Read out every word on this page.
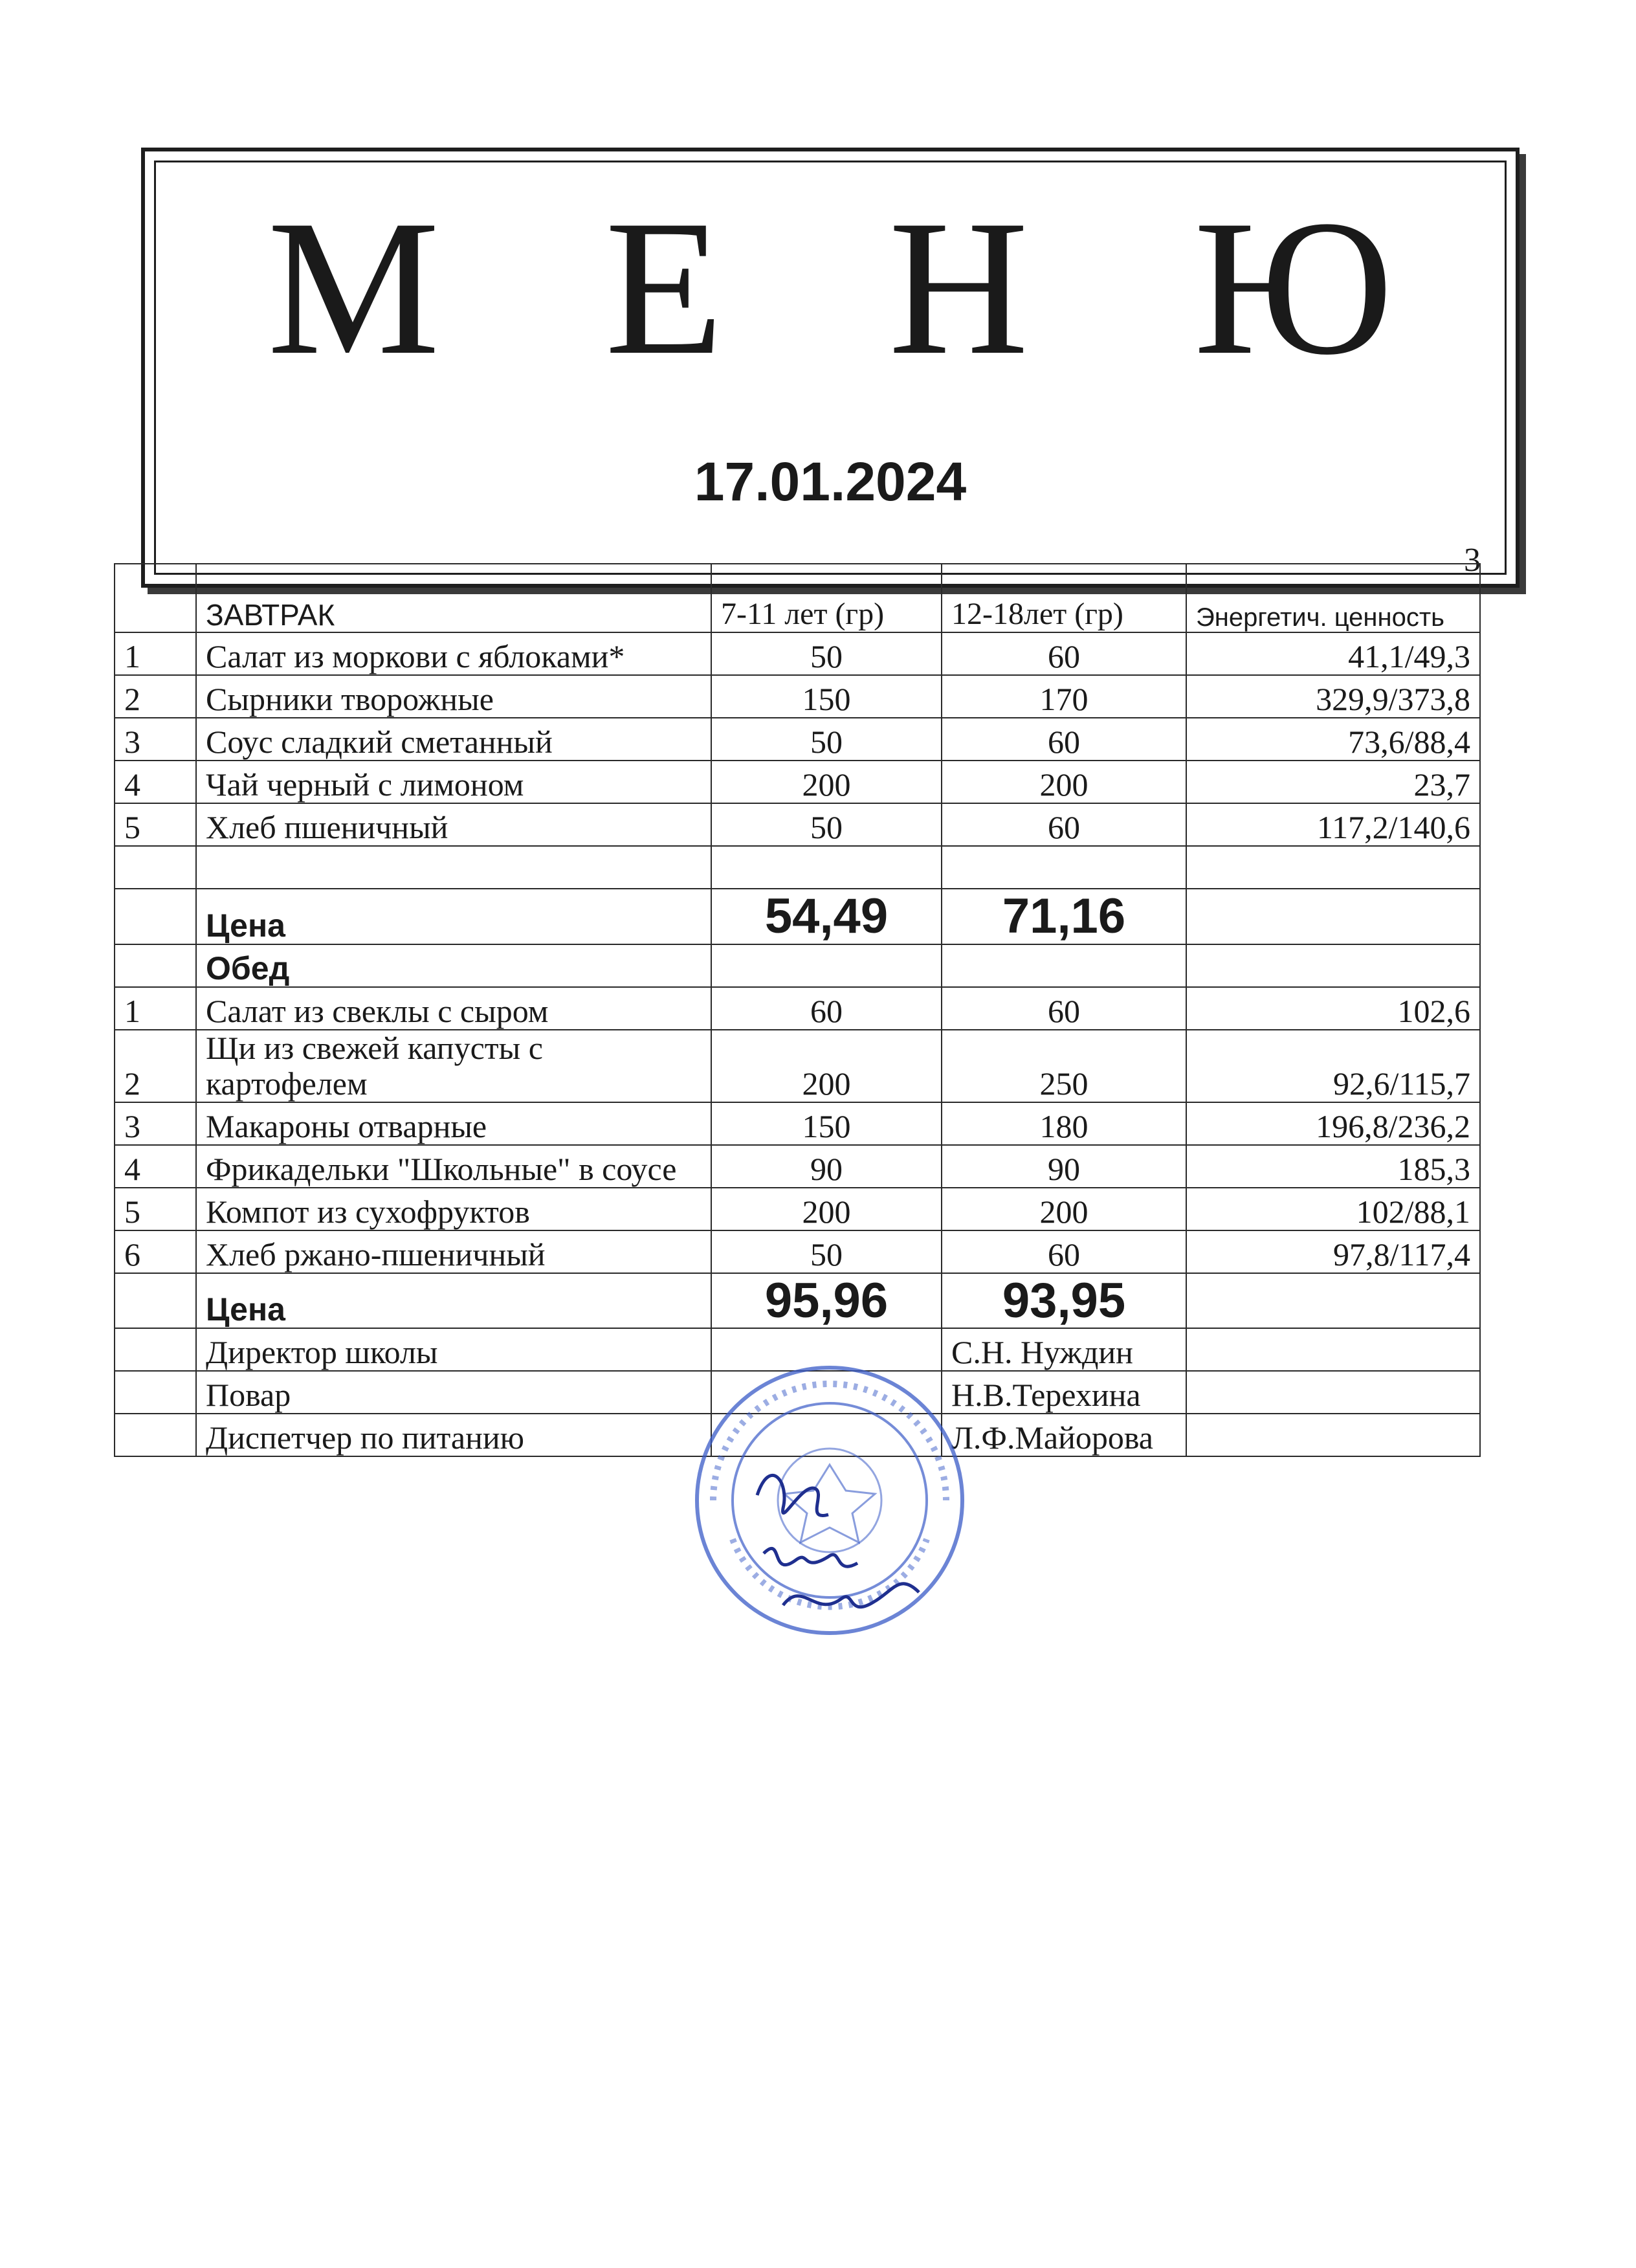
М Е Н Ю
17.01.2024
3
	ЗАВТРАК	7-11 лет (гр)	12-18лет (гр)	Энергетич. ценность
1	Салат из моркови с яблоками*	50	60	41,1/49,3
2	Сырники творожные	150	170	329,9/373,8
3	Соус сладкий сметанный	50	60	73,6/88,4
4	Чай черный с лимоном	200	200	23,7
5	Хлеб пшеничный	50	60	117,2/140,6

	Цена	54,49	71,16	
	Обед			
1	Салат из свеклы с сыром	60	60	102,6
2	Щи из свежей капусты с картофелем	200	250	92,6/115,7
3	Макароны отварные	150	180	196,8/236,2
4	Фрикадельки "Школьные" в соусе	90	90	185,3
5	Компот из сухофруктов	200	200	102/88,1
6	Хлеб ржано-пшеничный	50	60	97,8/117,4
	Цена	95,96	93,95	
	Директор школы		С.Н. Нуждин	
	Повар		Н.В.Терехина	
	Диспетчер по питанию		Л.Ф.Майорова	
